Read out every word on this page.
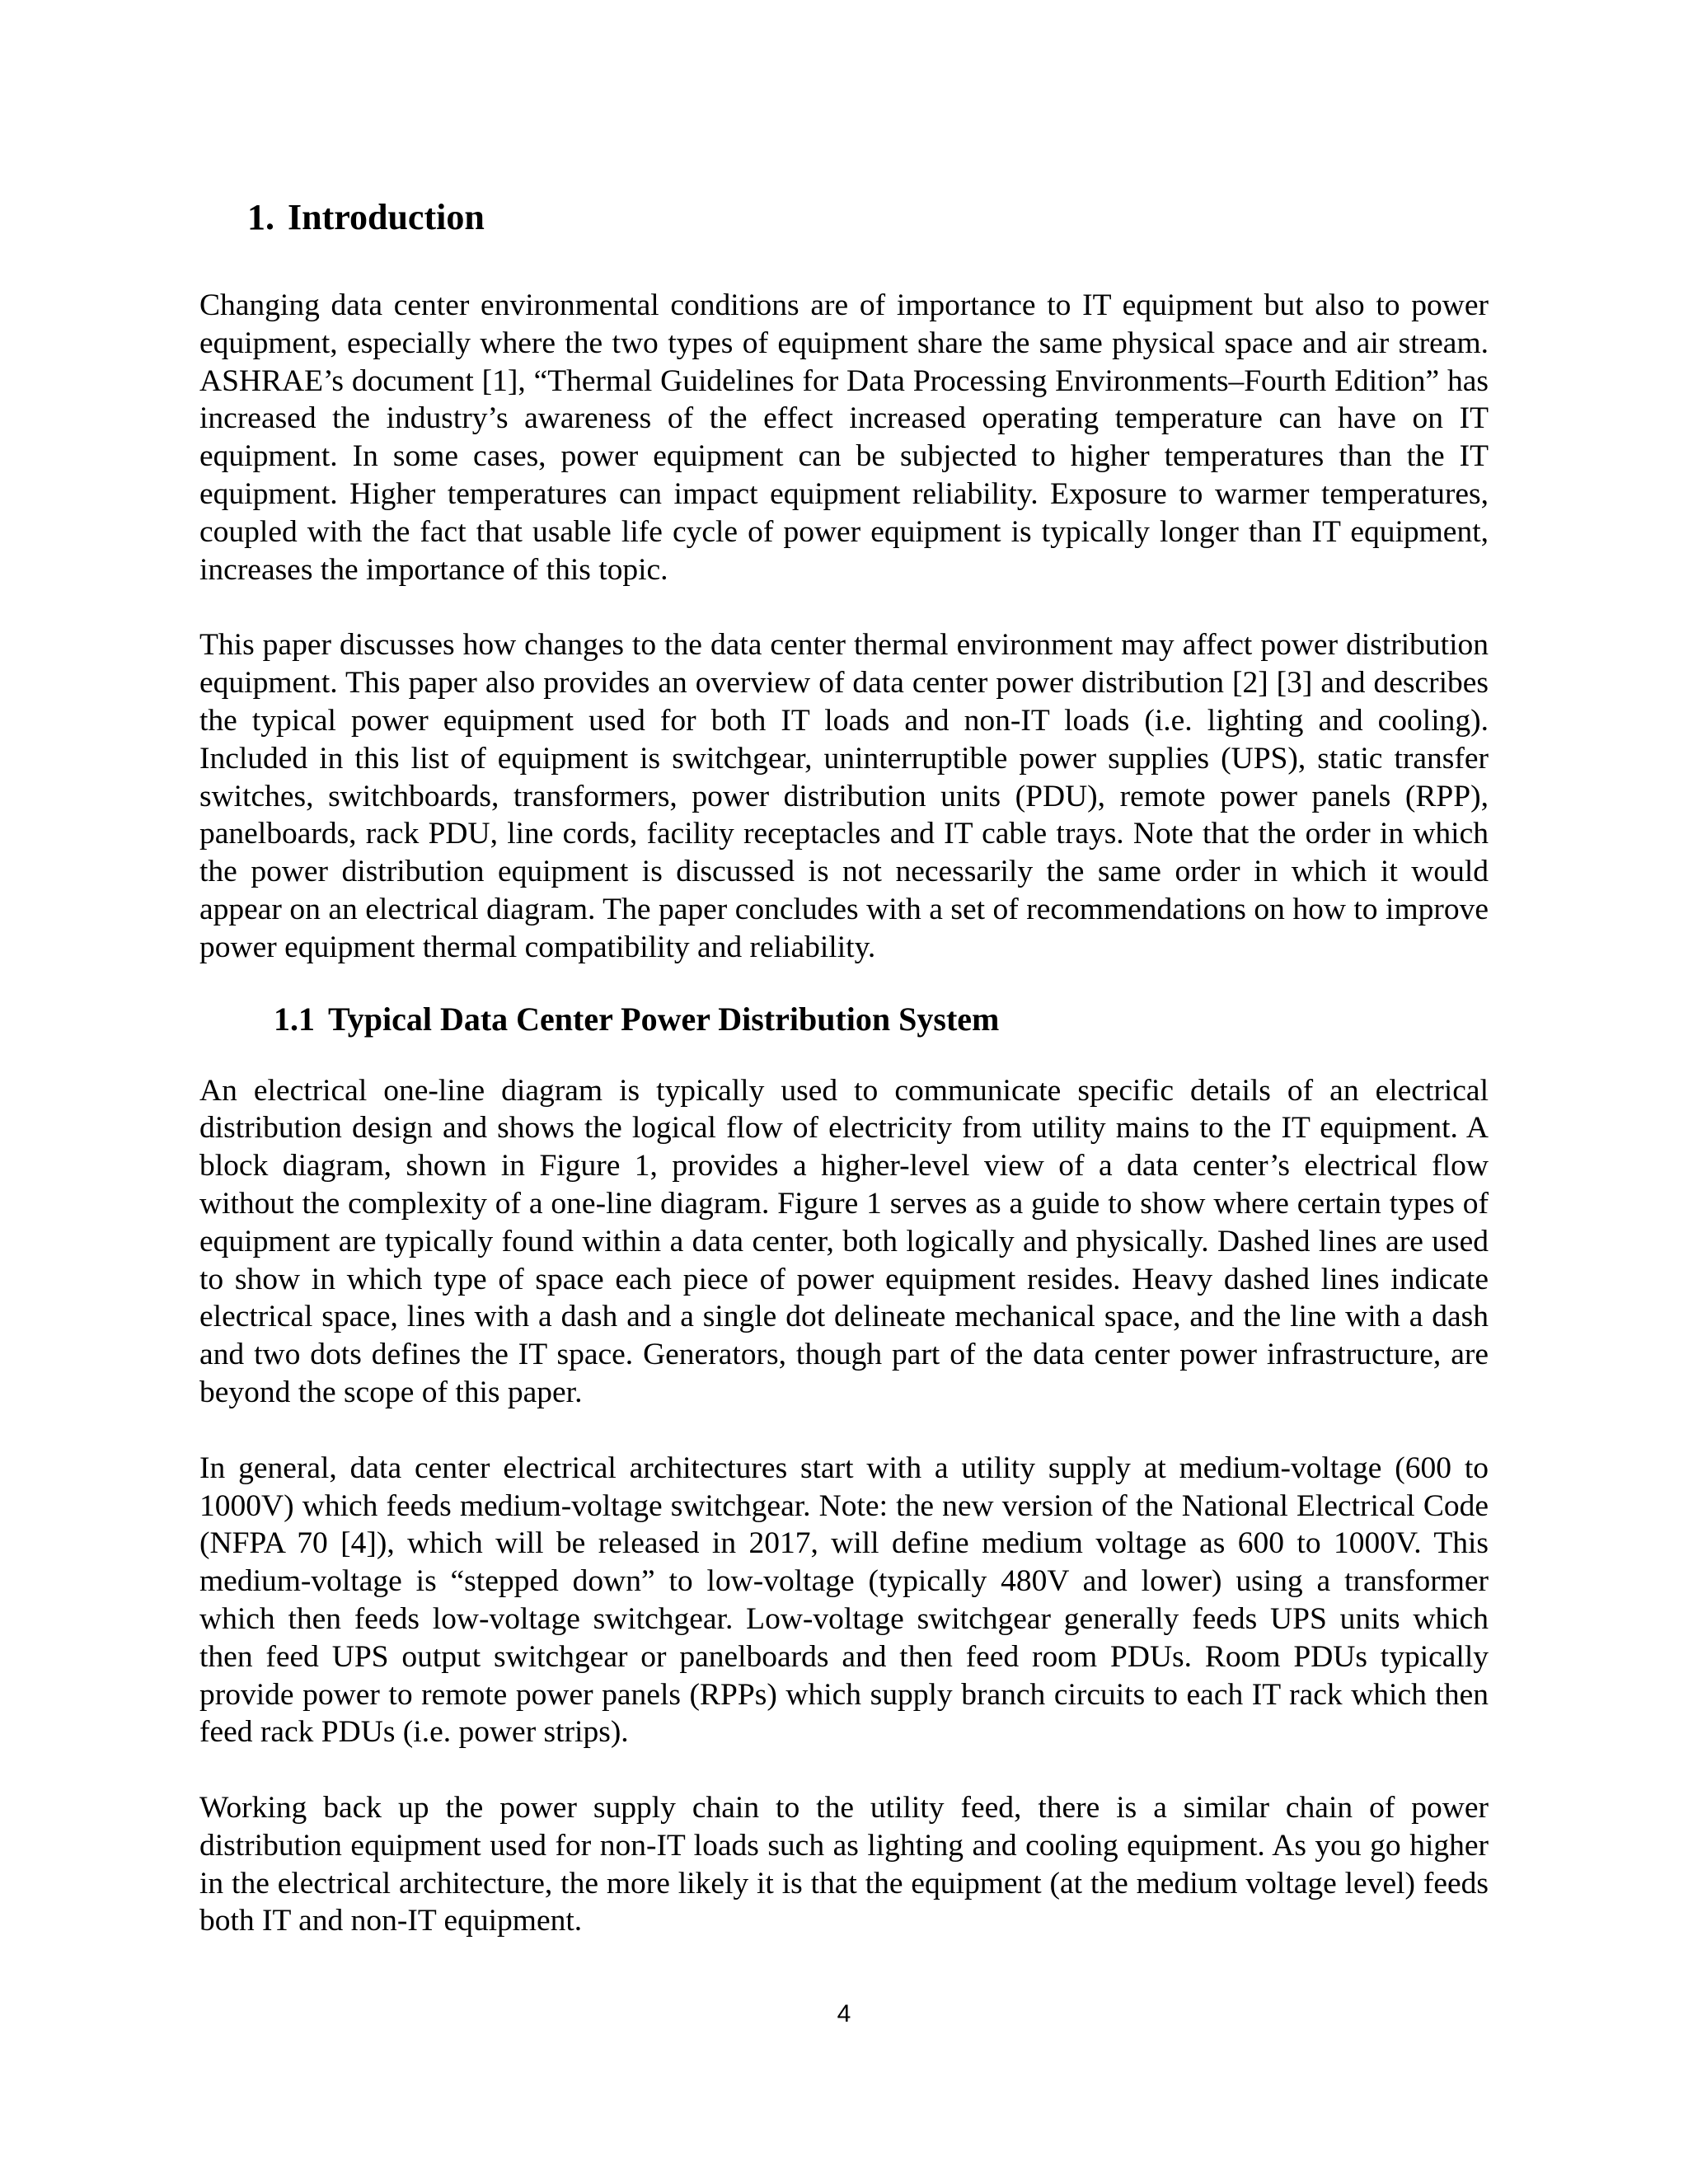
1. Introduction

Changing data center environmental conditions are of importance to IT equipment but also to power equipment, especially where the two types of equipment share the same physical space and air stream. ASHRAE’s document [1], “Thermal Guidelines for Data Processing Environments–Fourth Edition” has increased the industry’s awareness of the effect increased operating temperature can have on IT equipment. In some cases, power equipment can be subjected to higher temperatures than the IT equipment. Higher temperatures can impact equipment reliability. Exposure to warmer temperatures, coupled with the fact that usable life cycle of power equipment is typically longer than IT equipment, increases the importance of this topic.

This paper discusses how changes to the data center thermal environment may affect power distribution equipment. This paper also provides an overview of data center power distribution [2] [3] and describes the typical power equipment used for both IT loads and non-IT loads (i.e. lighting and cooling). Included in this list of equipment is switchgear, uninterruptible power supplies (UPS), static transfer switches, switchboards, transformers, power distribution units (PDU), remote power panels (RPP), panelboards, rack PDU, line cords, facility receptacles and IT cable trays. Note that the order in which the power distribution equipment is discussed is not necessarily the same order in which it would appear on an electrical diagram. The paper concludes with a set of recommendations on how to improve power equipment thermal compatibility and reliability.

1.1 Typical Data Center Power Distribution System

An electrical one-line diagram is typically used to communicate specific details of an electrical distribution design and shows the logical flow of electricity from utility mains to the IT equipment. A block diagram, shown in Figure 1, provides a higher-level view of a data center’s electrical flow without the complexity of a one-line diagram. Figure 1 serves as a guide to show where certain types of equipment are typically found within a data center, both logically and physically. Dashed lines are used to show in which type of space each piece of power equipment resides. Heavy dashed lines indicate electrical space, lines with a dash and a single dot delineate mechanical space, and the line with a dash and two dots defines the IT space. Generators, though part of the data center power infrastructure, are beyond the scope of this paper.

In general, data center electrical architectures start with a utility supply at medium-voltage (600 to 1000V) which feeds medium-voltage switchgear. Note: the new version of the National Electrical Code (NFPA 70 [4]), which will be released in 2017, will define medium voltage as 600 to 1000V. This medium-voltage is “stepped down” to low-voltage (typically 480V and lower) using a transformer which then feeds low-voltage switchgear. Low-voltage switchgear generally feeds UPS units which then feed UPS output switchgear or panelboards and then feed room PDUs. Room PDUs typically provide power to remote power panels (RPPs) which supply branch circuits to each IT rack which then feed rack PDUs (i.e. power strips).

Working back up the power supply chain to the utility feed, there is a similar chain of power distribution equipment used for non-IT loads such as lighting and cooling equipment. As you go higher in the electrical architecture, the more likely it is that the equipment (at the medium voltage level) feeds both IT and non-IT equipment.

4
